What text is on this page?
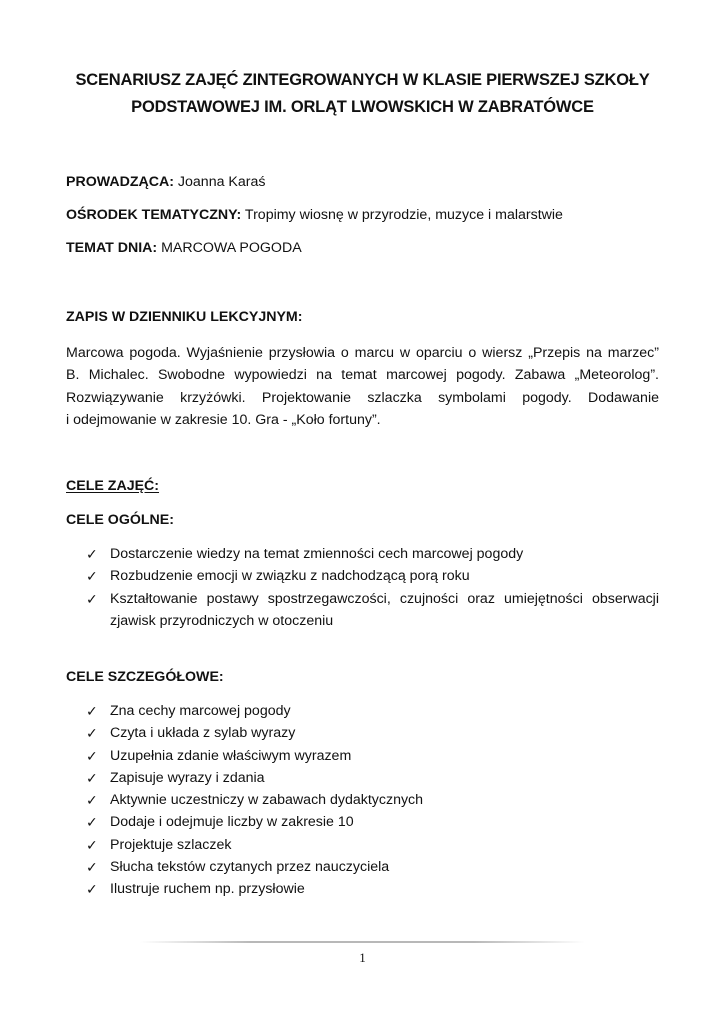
SCENARIUSZ ZAJĘĆ ZINTEGROWANYCH W KLASIE PIERWSZEJ SZKOŁY
PODSTAWOWEJ IM. ORLĄT LWOWSKICH W ZABRATÓWCE
PROWADZĄCA: Joanna Karaś
OŚRODEK TEMATYCZNY: Tropimy wiosnę w przyrodzie, muzyce i malarstwie
TEMAT DNIA: MARCOWA POGODA
ZAPIS W DZIENNIKU LEKCYJNYM:
Marcowa pogoda. Wyjaśnienie przysłowia o marcu w oparciu o wiersz „Przepis na marzec”
B. Michalec. Swobodne wypowiedzi na temat marcowej pogody. Zabawa „Meteorolog”.
Rozwiązywanie krzyżówki. Projektowanie szlaczka symbolami pogody. Dodawanie
i odejmowanie w zakresie 10. Gra - „Koło fortuny”.
CELE ZAJĘĆ:
CELE OGÓLNE:
✓ Dostarczenie wiedzy na temat zmienności cech marcowej pogody
✓ Rozbudzenie emocji w związku z nadchodzącą porą roku
✓ Kształtowanie postawy spostrzegawczości, czujności oraz umiejętności obserwacji zjawisk przyrodniczych w otoczeniu
CELE SZCZEGÓŁOWE:
✓ Zna cechy marcowej pogody
✓ Czyta i układa z sylab wyrazy
✓ Uzupełnia zdanie właściwym wyrazem
✓ Zapisuje wyrazy i zdania
✓ Aktywnie uczestniczy w zabawach dydaktycznych
✓ Dodaje i odejmuje liczby w zakresie 10
✓ Projektuje szlaczek
✓ Słucha tekstów czytanych przez nauczyciela
✓ Ilustruje ruchem np. przysłowie
1
